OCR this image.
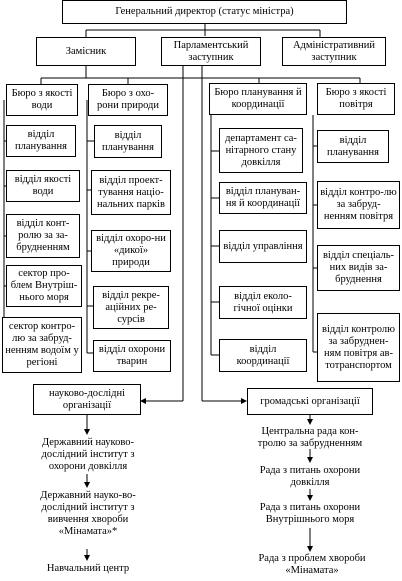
Генеральний директор (статус міністра)
Замісник
Парламентський заступник
Адміністративний заступник
Бюро з якості води
відділ планування
відділ якості води
відділ конт-ролю за за-брудненням
сектор про-блем Внутріш-нього моря
сектор контро-лю за забруд-ненням водоїм у регіоні
Бюро з охо-рони природи
відділ планування
відділ проект-тування націо-нальних парків
відділ охоро-ни «дикої» природи
відділ рекре-аційних ре-сурсів
відділ охорони тварин
Бюро планування й координації
департамент са-нітарного стану довкілля
відділ плануван-ня й координації
відділ управління
відділ еколо-гічної оцінки
відділ координації
Бюро з якості повітря
відділ планування
відділ контро-лю за забруд-ненням повітря
відділ спеціаль-них видів за-бруднення
відділ контролю за забруднен-ням повітря ав-тотранспортом
науково-дослідні організації	громадські організації
Державний науково-дослідний інститут з охорони довкілля
Державний науко-во-дослідний інститут з вивчення хвороби «Мінамата»*
Навчальний центр
Центральна рада кон-тролю за забрудненням
Рада з питань охорони довкілля
Рада з питань охорони Внутрішнього моря
Рада з проблем хвороби «Мінамата»
